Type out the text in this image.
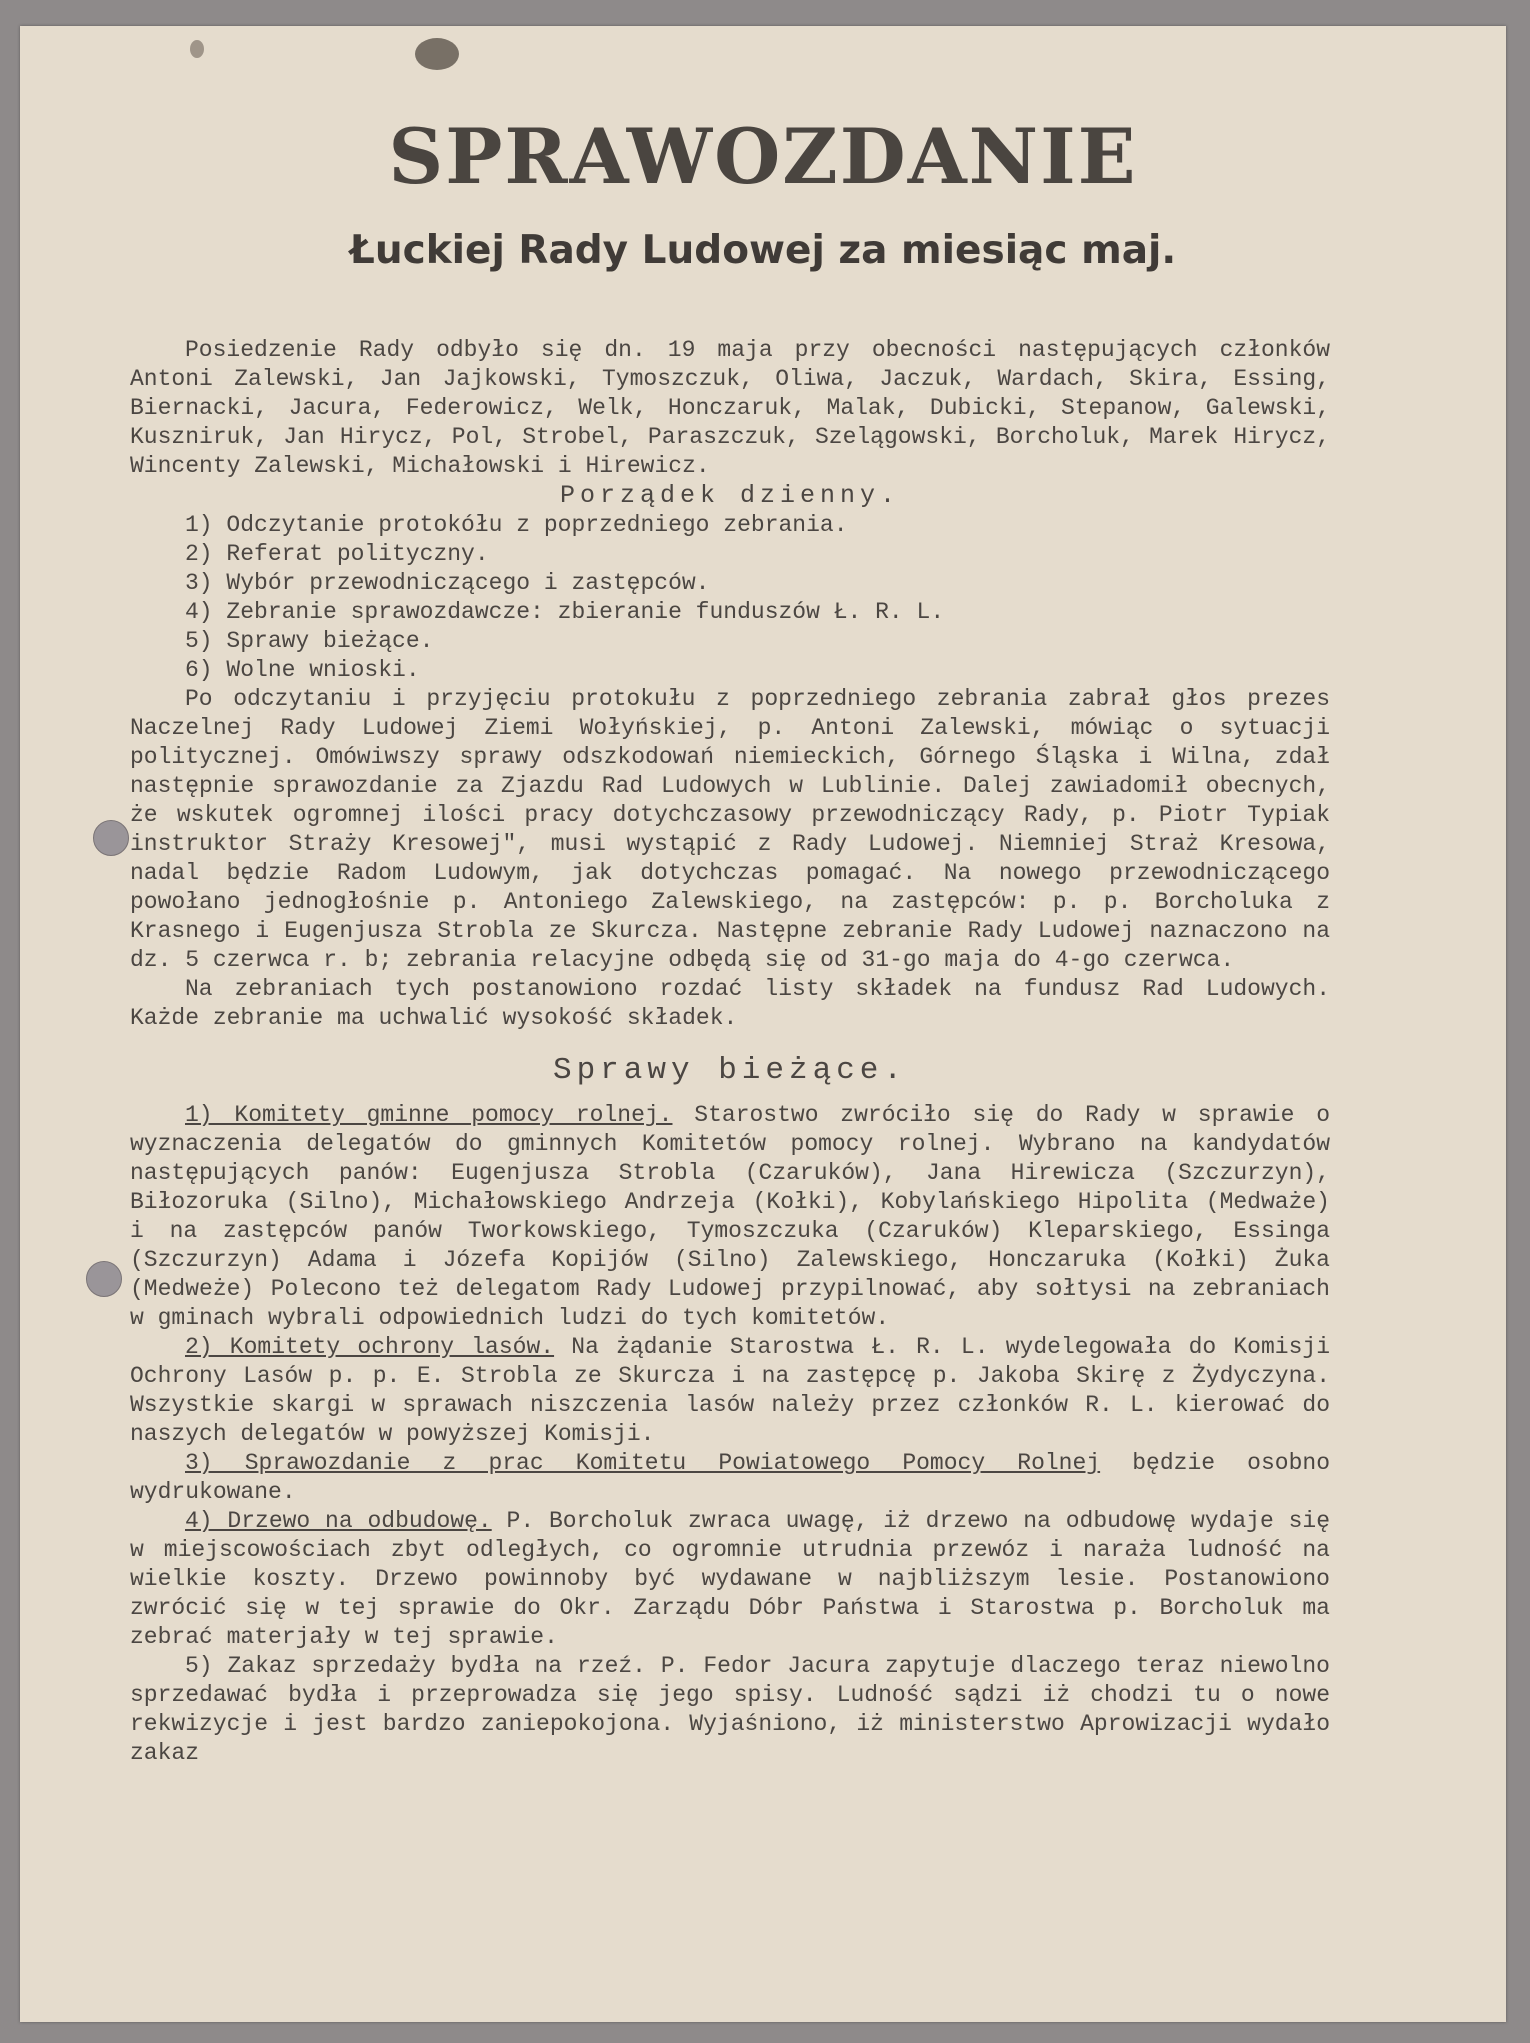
SPRAWOZDANIE
Łuckiej Rady Ludowej za miesiąc maj.

Posiedzenie Rady odbyło się dn. 19 maja przy obecności następujących członków Antoni Zalewski, Jan Jajkowski, Tymoszczuk, Oliwa, Jaczuk, Wardach, Skira, Essing, Biernacki, Jacura, Federowicz, Welk, Honczaruk, Malak, Dubicki, Stepanow, Galewski, Kuszniruk, Jan Hirycz, Pol, Strobel, Paraszczuk, Szelągowski, Borcholuk, Marek Hirycz, Wincenty Zalewski, Michałowski i Hirewicz.

Porządek dzienny.
1) Odczytanie protokółu z poprzedniego zebrania.
2) Referat polityczny.
3) Wybór przewodniczącego i zastępców.
4) Zebranie sprawozdawcze: zbieranie funduszów Ł. R. L.
5) Sprawy bieżące.
6) Wolne wnioski.

Po odczytaniu i przyjęciu protokułu z poprzedniego zebrania zabrał głos prezes Naczelnej Rady Ludowej Ziemi Wołyńskiej, p. Antoni Zalewski, mówiąc o sytuacji politycznej. Omówiwszy sprawy odszkodowań niemieckich, Górnego Śląska i Wilna, zdał następnie sprawozdanie za Zjazdu Rad Ludowych w Lublinie. Dalej zawiadomił obecnych, że wskutek ogromnej ilości pracy dotychczasowy przewodniczący Rady, p. Piotr Typiak instruktor Straży Kresowej", musi wystąpić z Rady Ludowej. Niemniej Straż Kresowa, nadal będzie Radom Ludowym, jak dotychczas pomagać. Na nowego przewodniczącego powołano jednogłośnie p. Antoniego Zalewskiego, na zastępców: p. p. Borcholuka z Krasnego i Eugenjusza Strobla ze Skurcza. Następne zebranie Rady Ludowej naznaczono na dz. 5 czerwca r. b; zebrania relacyjne odbędą się od 31-go maja do 4-go czerwca.

Na zebraniach tych postanowiono rozdać listy składek na fundusz Rad Ludowych. Każde zebranie ma uchwalić wysokość składek.

Sprawy bieżące.

1) Komitety gminne pomocy rolnej. Starostwo zwróciło się do Rady w sprawie o wyznaczenia delegatów do gminnych Komitetów pomocy rolnej. Wybrano na kandydatów następujących panów: Eugenjusza Strobla (Czaruków), Jana Hirewicza (Szczurzyn), Biłozoruka (Silno), Michałowskiego Andrzeja (Kołki), Kobylańskiego Hipolita (Medważe) i na zastępców panów Tworkowskiego, Tymoszczuka (Czaruków) Kleparskiego, Essinga (Szczurzyn) Adama i Józefa Kopijów (Silno) Zalewskiego, Honczaruka (Kołki) Żuka (Medweże) Polecono też delegatom Rady Ludowej przypilnować, aby sołtysi na zebraniach w gminach wybrali odpowiednich ludzi do tych komitetów.

2) Komitety ochrony lasów. Na żądanie Starostwa Ł. R. L. wydelegowała do Komisji Ochrony Lasów p. p. E. Strobla ze Skurcza i na zastępcę p. Jakoba Skirę z Żydyczyna. Wszystkie skargi w sprawach niszczenia lasów należy przez członków R. L. kierować do naszych delegatów w powyższej Komisji.

3) Sprawozdanie z prac Komitetu Powiatowego Pomocy Rolnej będzie osobno wydrukowane.

4) Drzewo na odbudowę. P. Borcholuk zwraca uwagę, iż drzewo na odbudowę wydaje się w miejscowościach zbyt odległych, co ogromnie utrudnia przewóz i naraża ludność na wielkie koszty. Drzewo powinnoby być wydawane w najbliższym lesie. Postanowiono zwrócić się w tej sprawie do Okr. Zarządu Dóbr Państwa i Starostwa p. Borcholuk ma zebrać materjały w tej sprawie.

5) Zakaz sprzedaży bydła na rzeź. P. Fedor Jacura zapytuje dlaczego teraz niewolno sprzedawać bydła i przeprowadza się jego spisy. Ludność sądzi iż chodzi tu o nowe rekwizycje i jest bardzo zaniepokojona. Wyjaśniono, iż ministerstwo Aprowizacji wydało zakaz
